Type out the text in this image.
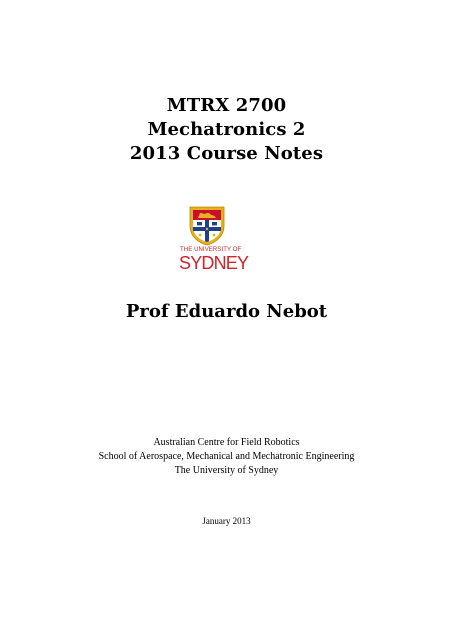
MTRX 2700
Mechatronics 2
2013 Course Notes
THE UNIVERSITY OF
SYDNEY
Prof Eduardo Nebot
Australian Centre for Field Robotics
School of Aerospace, Mechanical and Mechatronic Engineering
The University of Sydney
January 2013
